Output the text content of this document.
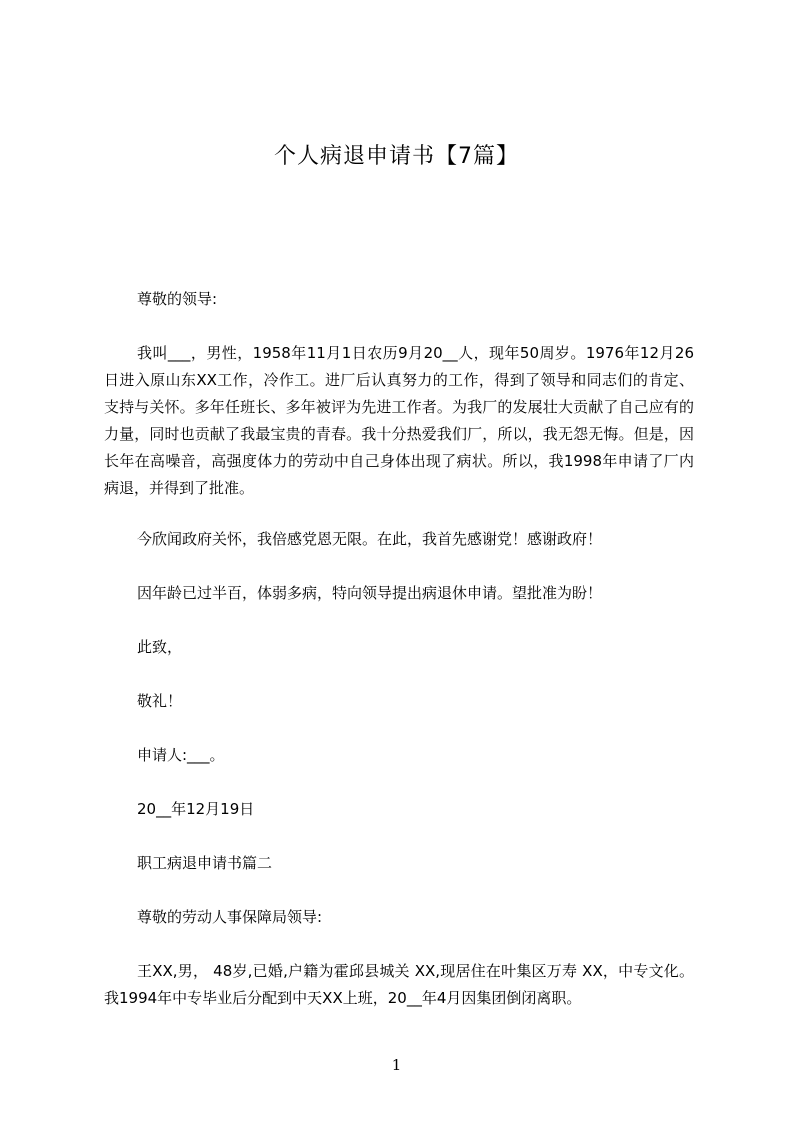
个人病退申请书【7篇】

尊敬的领导:

我叫___，男性，1958年11月1日农历9月20__人，现年50周岁。1976年12月26日进入原山东XX工作，冷作工。进厂后认真努力的工作，得到了领导和同志们的肯定、支持与关怀。多年任班长、多年被评为先进工作者。为我厂的发展壮大贡献了自己应有的力量，同时也贡献了我最宝贵的青春。我十分热爱我们厂，所以，我无怨无悔。但是，因长年在高噪音，高强度体力的劳动中自己身体出现了病状。所以，我1998年申请了厂内病退，并得到了批准。

今欣闻政府关怀，我倍感党恩无限。在此，我首先感谢党！感谢政府！

因年龄已过半百，体弱多病，特向领导提出病退休申请。望批准为盼！

此致，

敬礼！

申请人:___。

20__年12月19日

职工病退申请书篇二

尊敬的劳动人事保障局领导:

王XX,男， 48岁,已婚,户籍为霍邱县城关 XX,现居住在叶集区万寿 XX，中专文化。我1994年中专毕业后分配到中天XX上班，20__年4月因集团倒闭离职。

1
